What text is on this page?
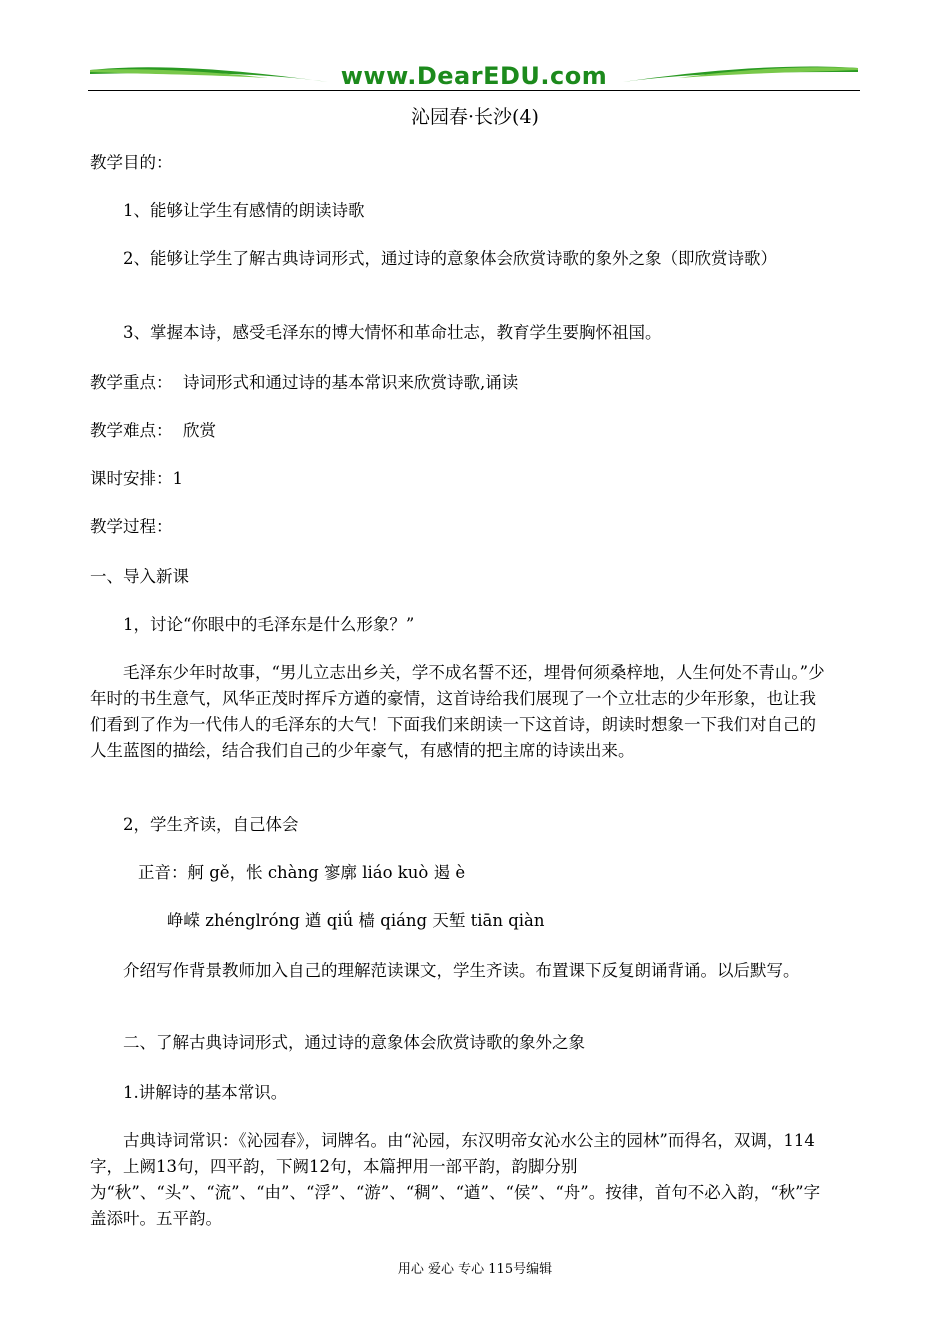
www.DearEDU.com
沁园春·长沙(4)

教学目的：

1、能够让学生有感情的朗读诗歌

2、能够让学生了解古典诗词形式，通过诗的意象体会欣赏诗歌的象外之象（即欣赏诗歌）

3、掌握本诗，感受毛泽东的博大情怀和革命壮志，教育学生要胸怀祖国。

教学重点：  诗词形式和通过诗的基本常识来欣赏诗歌,诵读

教学难点：  欣赏

课时安排：1

教学过程：

一、导入新课

1，讨论“你眼中的毛泽东是什么形象？”

毛泽东少年时故事，“男儿立志出乡关，学不成名誓不还，埋骨何须桑梓地，人生何处不青山。”少年时的书生意气，风华正茂时挥斥方遒的豪情，这首诗给我们展现了一个立壮志的少年形象，也让我们看到了作为一代伟人的毛泽东的大气！下面我们来朗读一下这首诗，朗读时想象一下我们对自己的人生蓝图的描绘，结合我们自己的少年豪气，有感情的把主席的诗读出来。

2，学生齐读，自己体会

正音：舸 gě，怅 chàng 寥廓 liáo kuò 遏 è

峥嵘 zhénglróng 遒 qiǘ 樯 qiáng 天堑 tiān qiàn

介绍写作背景教师加入自己的理解范读课文，学生齐读。布置课下反复朗诵背诵。以后默写。

二、了解古典诗词形式，通过诗的意象体会欣赏诗歌的象外之象

1.讲解诗的基本常识。

古典诗词常识：《沁园春》，词牌名。由“沁园，东汉明帝女沁水公主的园林”而得名，双调，114字，上阙13句，四平韵，下阙12句，本篇押用一部平韵，韵脚分别为“秋”、“头”、“流”、“由”、“浮”、“游”、“稠”、“遒”、“侯”、“舟”。按律，首句不必入韵，“秋”字盖添叶。五平韵。

用心 爱心 专心 115号编辑
